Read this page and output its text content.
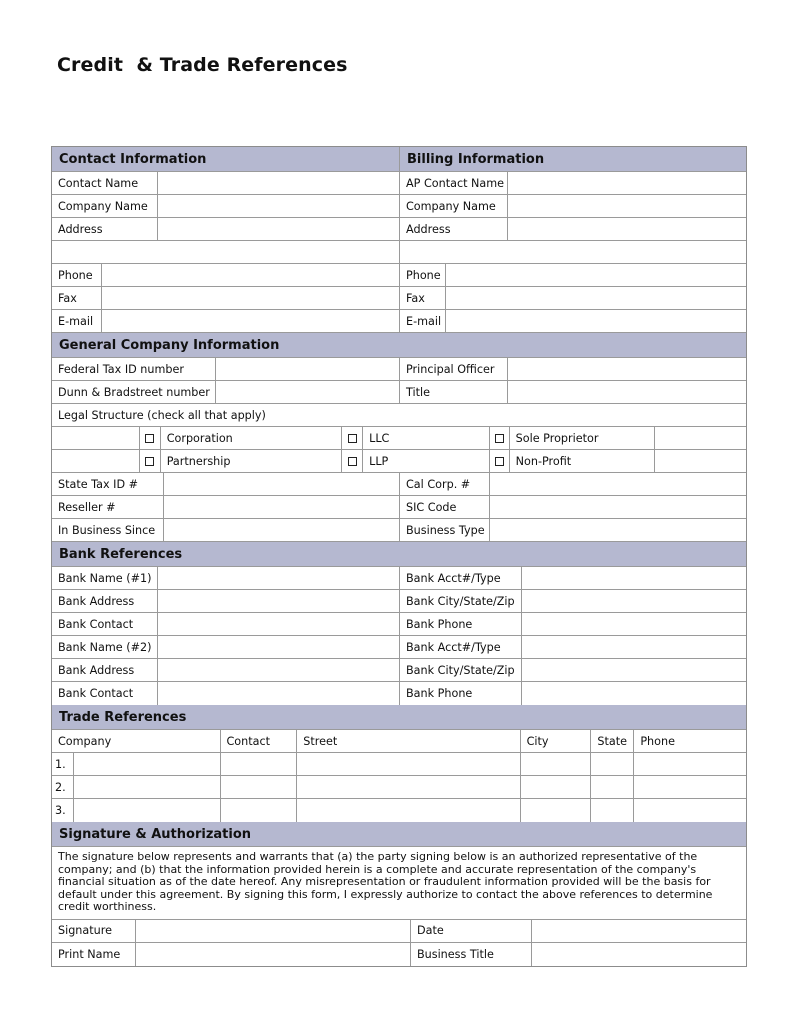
Credit  & Trade References
Contact Information	Billing Information
Contact Name	AP Contact Name
Company Name	Company Name
Address	Address
Phone	Phone
Fax	Fax
E-mail	E-mail
General Company Information
Federal Tax ID number	Principal Officer
Dunn & Bradstreet number	Title
Legal Structure (check all that apply)
Corporation	LLC	Sole Proprietor
Partnership	LLP	Non-Profit
State Tax ID #	Cal Corp. #
Reseller #	SIC Code
In Business Since	Business Type
Bank References
Bank Name (#1)	Bank Acct#/Type
Bank Address	Bank City/State/Zip
Bank Contact	Bank Phone
Bank Name (#2)	Bank Acct#/Type
Bank Address	Bank City/State/Zip
Bank Contact	Bank Phone
Trade References
Company	Contact	Street	City	State	Phone
1.
2.
3.
Signature & Authorization
The signature below represents and warrants that (a) the party signing below is an authorized representative of the company; and (b) that the information provided herein is a complete and accurate representation of the company's financial situation as of the date hereof. Any misrepresentation or fraudulent information provided will be the basis for default under this agreement. By signing this form, I expressly authorize to contact the above references to determine credit worthiness.
Signature	Date
Print Name	Business Title
